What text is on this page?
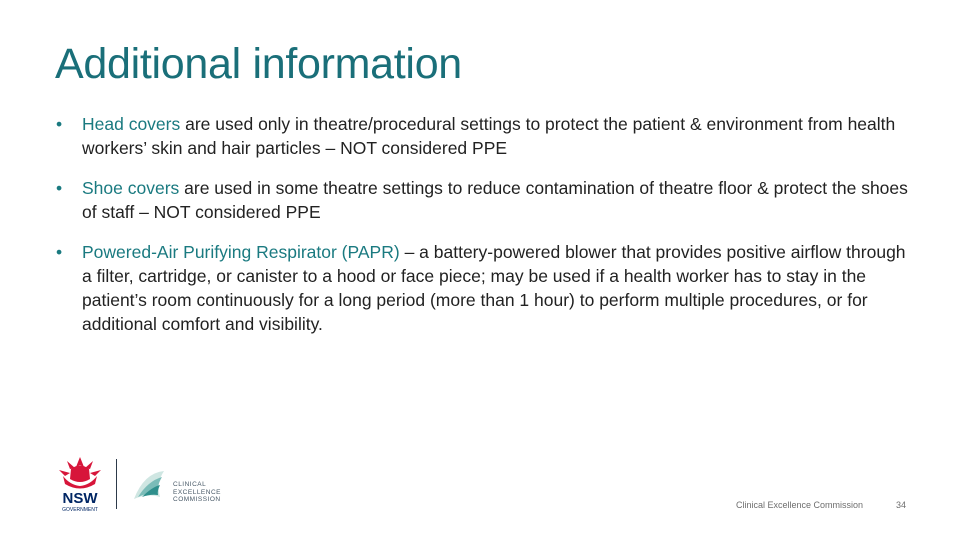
Additional information
• Head covers are used only in theatre/procedural settings to protect the patient & environment from health workers’ skin and hair particles – NOT considered PPE
• Shoe covers are used in some theatre settings to reduce contamination of theatre floor & protect the shoes of staff – NOT considered PPE
• Powered-Air Purifying Respirator (PAPR) – a battery-powered blower that provides positive airflow through a filter, cartridge, or canister to a hood or face piece; may be used if a health worker has to stay in the patient’s room continuously for a long period (more than 1 hour) to perform multiple procedures, or for additional comfort and visibility.
NSW
GOVERNMENT
CLINICAL
EXCELLENCE
COMMISSION
Clinical Excellence Commission	34
